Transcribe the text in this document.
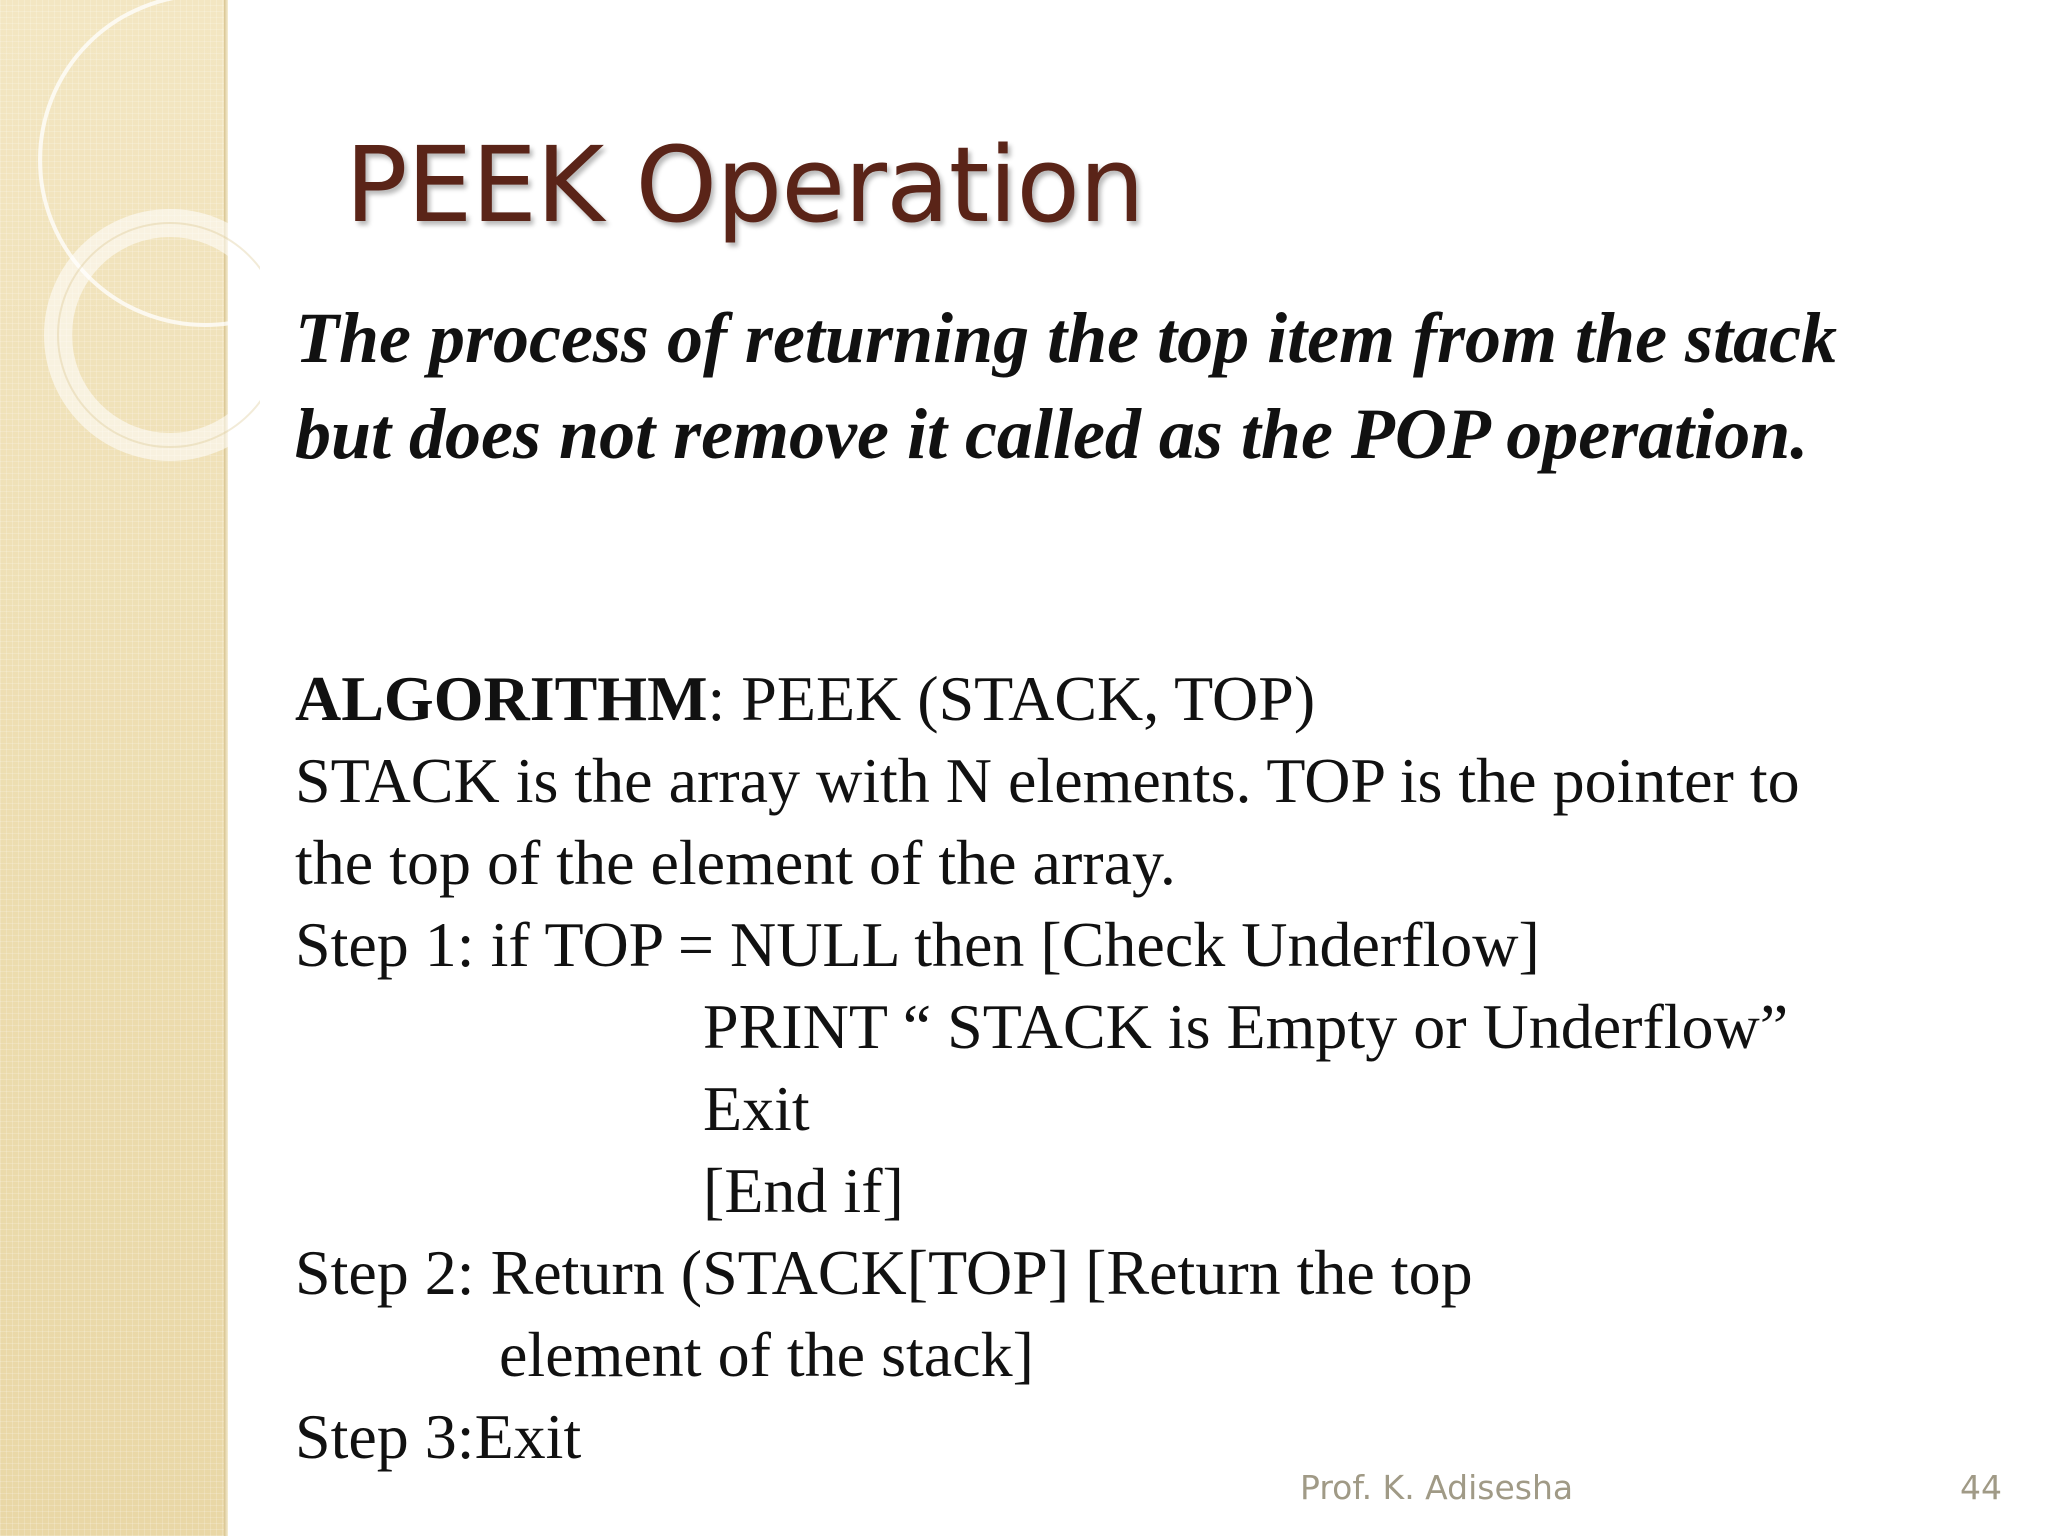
PEEK Operation

The process of returning the top item from the stack but does not remove it called as the POP operation.

ALGORITHM: PEEK (STACK, TOP)
STACK is the array with N elements. TOP is the pointer to
the top of the element of the array.
Step 1: if TOP = NULL then [Check Underflow]
PRINT “ STACK is Empty or Underflow”
Exit
[End if]
Step 2: Return (STACK[TOP] [Return the top
element of the stack]
Step 3:Exit
Prof. K. Adisesha	44
